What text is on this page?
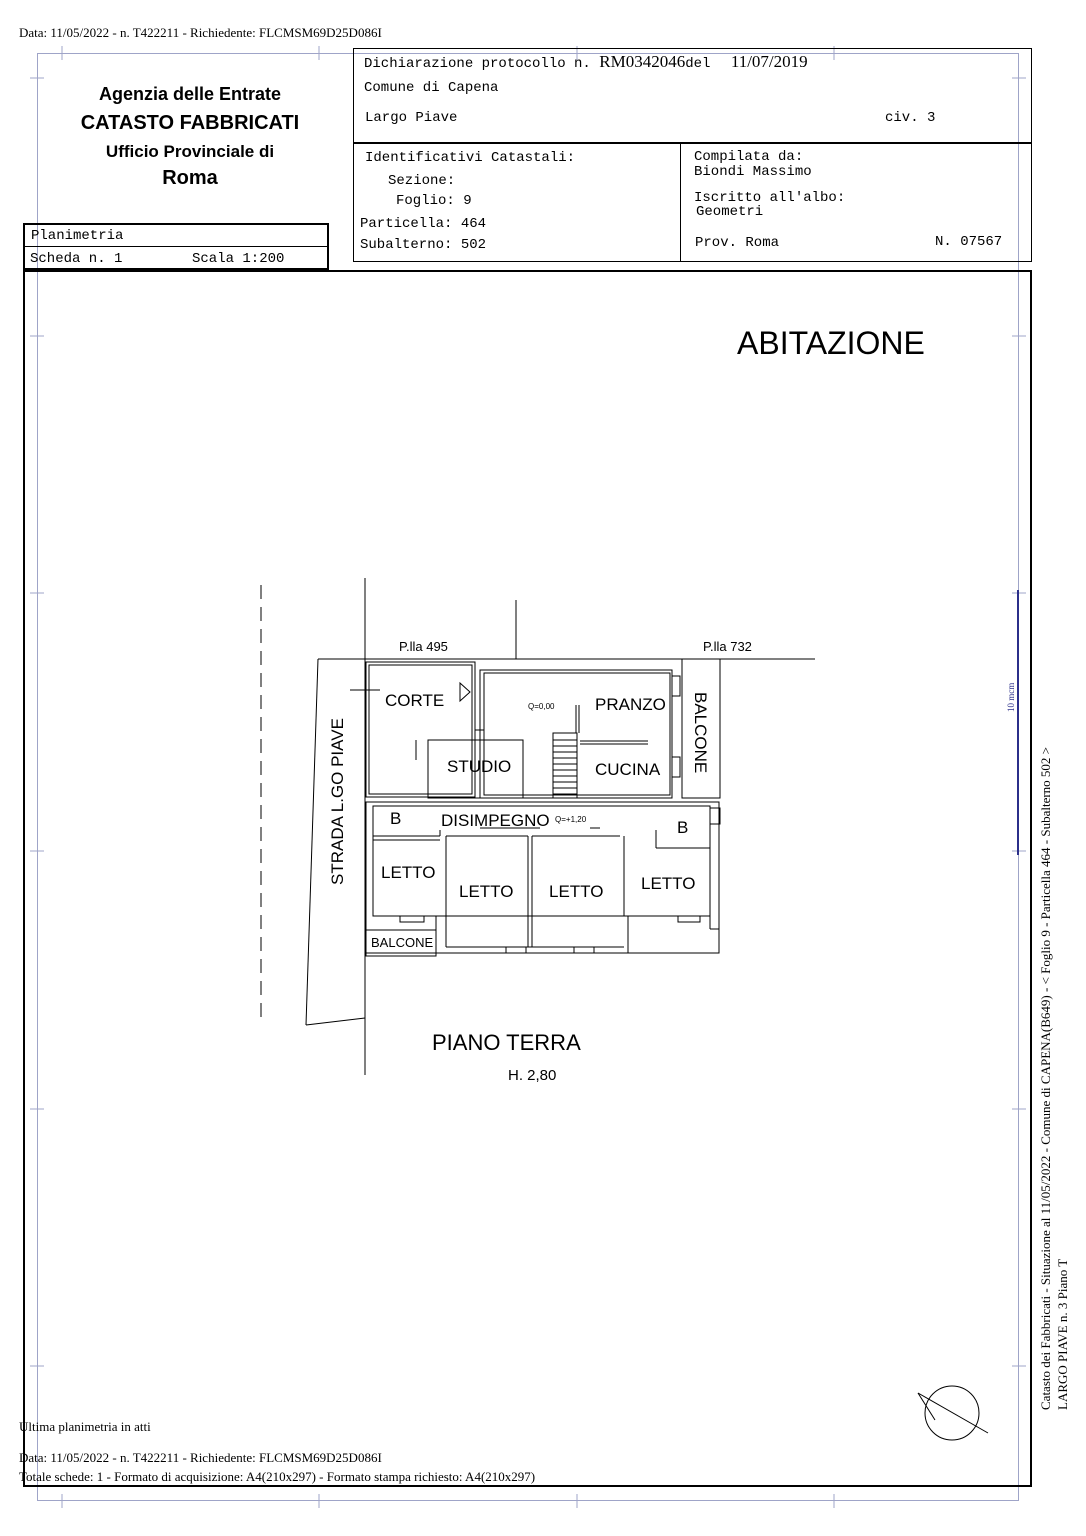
Data: 11/05/2022 - n. T422211 - Richiedente: FLCMSM69D25D086I
Agenzia delle Entrate
CATASTO FABBRICATI
Ufficio Provinciale di
Roma
Planimetria
Scheda n. 1	Scala 1:200
Dichiarazione protocollo n. RM0342046del 11/07/2019
Comune di Capena
Largo Piave	civ. 3
Identificativi Catastali:
Sezione:
Foglio: 9
Particella: 464
Subalterno: 502
Compilata da:
Biondi Massimo
Iscritto all'albo:
Geometri
Prov. Roma	N. 07567
ABITAZIONE
P.lla 495	P.lla 732
STRADA L.GO PIAVE
CORTE	PRANZO
Q=0,00
STUDIO	CUCINA BALCONE
B DISIMPEGNO Q=+1,20	B
LETTO
LETTO LETTO LETTO
BALCONE
PIANO TERRA
H. 2,80	Catasto dei Fabbricati - Situazione al 11/05/2022 - Comune di CAPENA(B649) - < Foglio 9 - Particella 464 - Subalterno 502 > LARGO PIAVE n. 3 Piano T
10 mcm
Ultima planimetria in atti
Data: 11/05/2022 - n. T422211 - Richiedente: FLCMSM69D25D086I
Totale schede: 1 - Formato di acquisizione: A4(210x297) - Formato stampa richiesto: A4(210x297)
